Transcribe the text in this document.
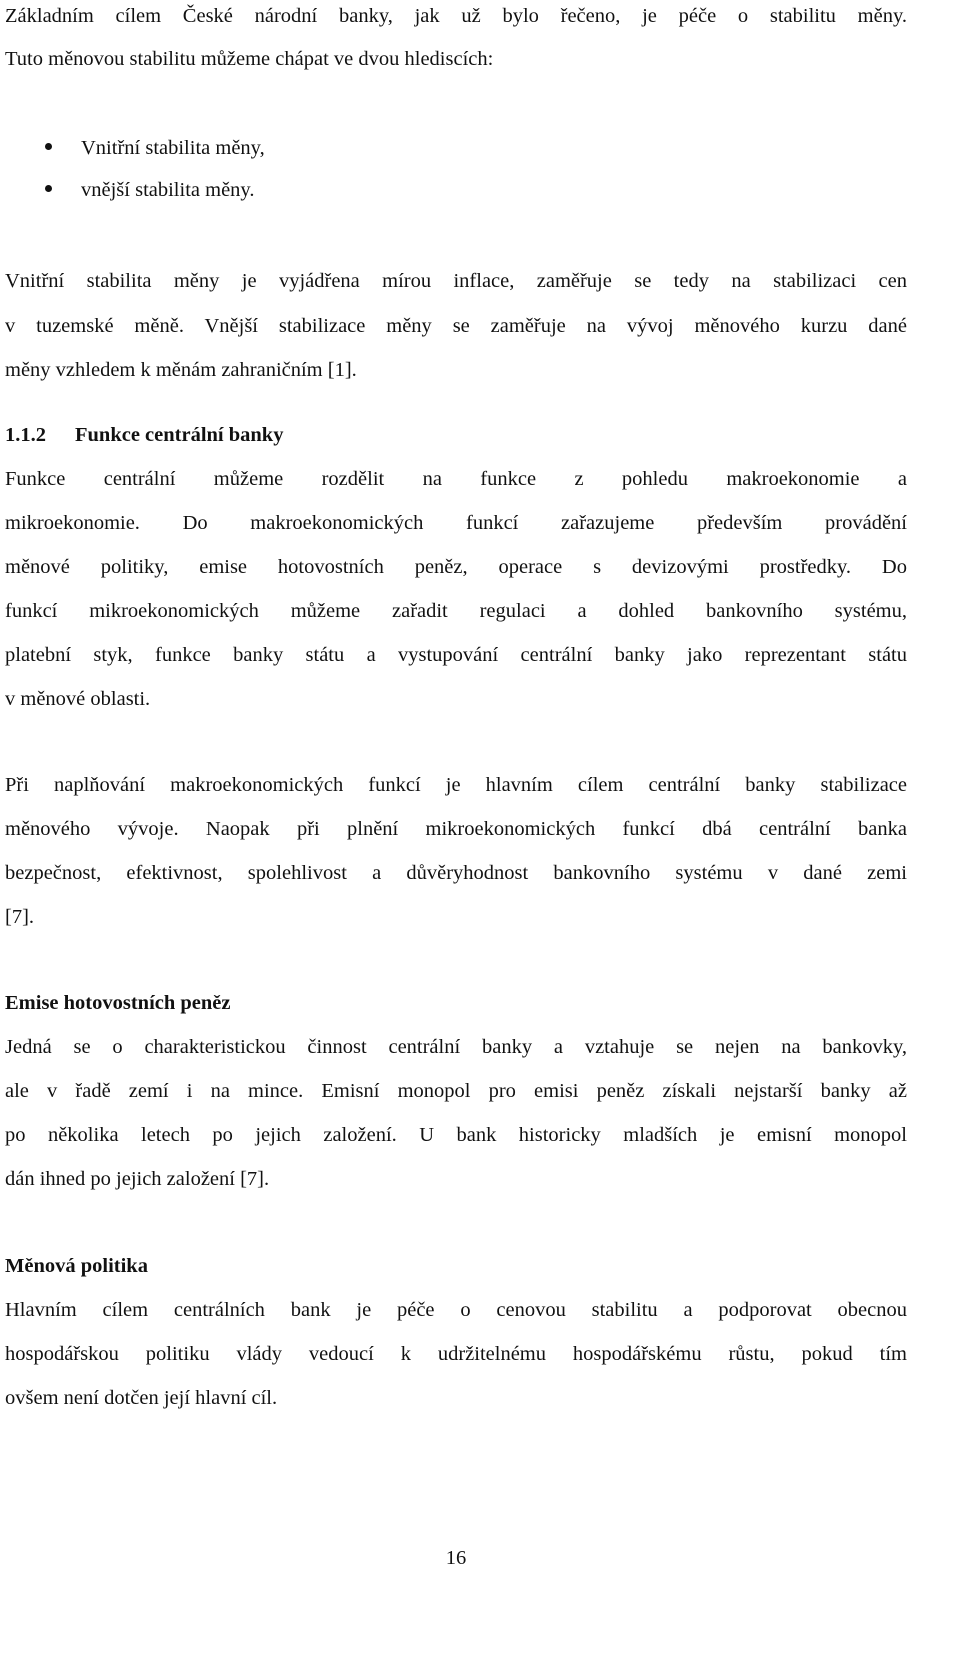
Základním cílem České národní banky, jak už bylo řečeno, je péče o stabilitu měny.
Tuto měnovou stabilitu můžeme chápat ve dvou hlediscích:
Vnitřní stabilita měny,
vnější stabilita měny.
Vnitřní stabilita měny je vyjádřena mírou inflace, zaměřuje se tedy na stabilizaci cen
v tuzemské měně. Vnější stabilizace měny se zaměřuje na vývoj měnového kurzu dané
měny vzhledem k měnám zahraničním [1].
1.1.2 Funkce centrální banky
Funkce centrální můžeme rozdělit na funkce z pohledu makroekonomie a
mikroekonomie. Do makroekonomických funkcí zařazujeme především provádění
měnové politiky, emise hotovostních peněz, operace s devizovými prostředky. Do
funkcí mikroekonomických můžeme zařadit regulaci a dohled bankovního systému,
platební styk, funkce banky státu a vystupování centrální banky jako reprezentant státu
v měnové oblasti.
Při naplňování makroekonomických funkcí je hlavním cílem centrální banky stabilizace
měnového vývoje. Naopak při plnění mikroekonomických funkcí dbá centrální banka
bezpečnost, efektivnost, spolehlivost a důvěryhodnost bankovního systému v dané zemi
[7].
Emise hotovostních peněz
Jedná se o charakteristickou činnost centrální banky a vztahuje se nejen na bankovky,
ale v řadě zemí i na mince. Emisní monopol pro emisi peněz získali nejstarší banky až
po několika letech po jejich založení. U bank historicky mladších je emisní monopol
dán ihned po jejich založení [7].
Měnová politika
Hlavním cílem centrálních bank je péče o cenovou stabilitu a podporovat obecnou
hospodářskou politiku vlády vedoucí k udržitelnému hospodářskému růstu, pokud tím
ovšem není dotčen její hlavní cíl.
16
